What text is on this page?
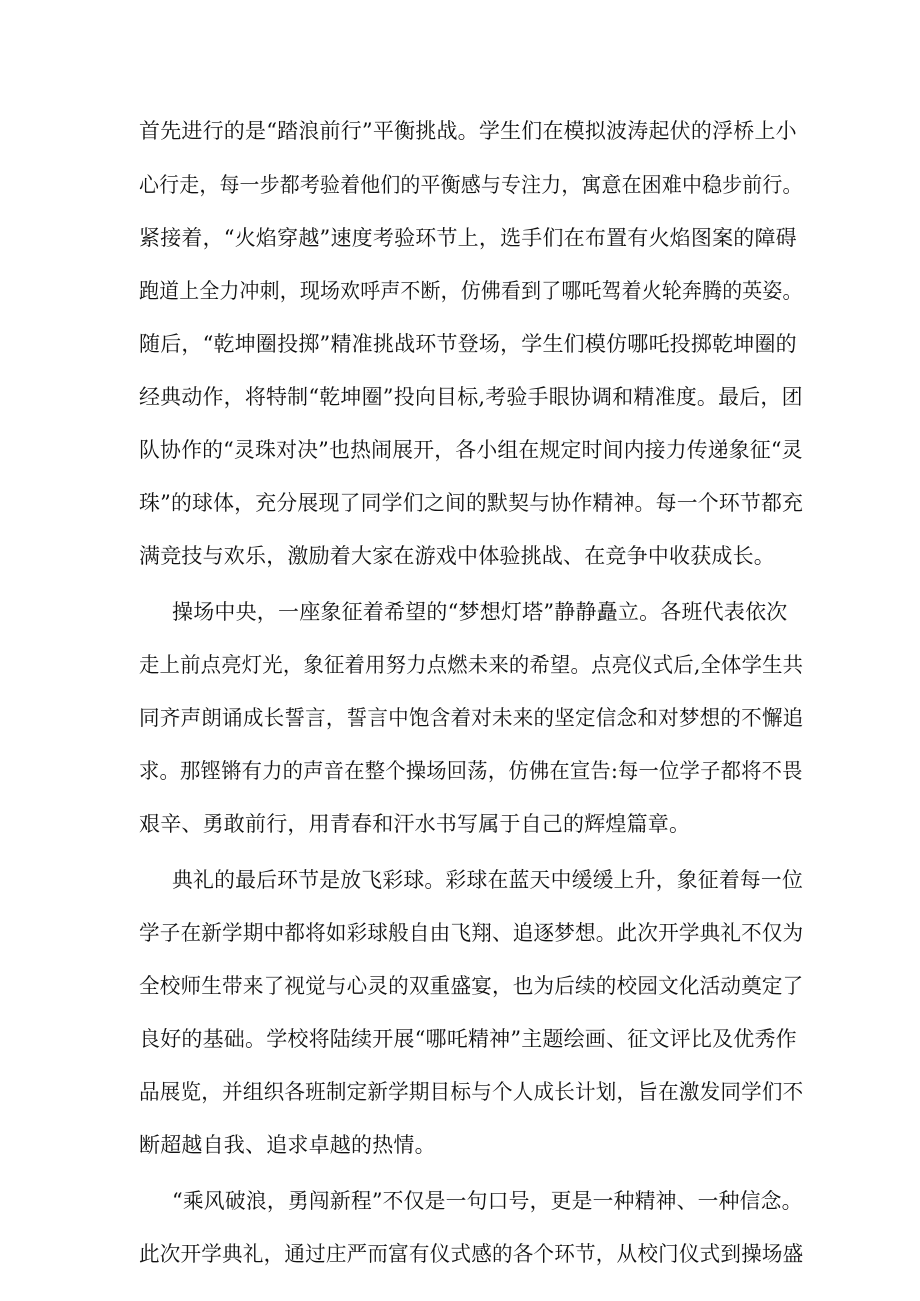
首先进行的是“踏浪前行”平衡挑战。学生们在模拟波涛起伏的浮桥上小
心行走，每一步都考验着他们的平衡感与专注力，寓意在困难中稳步前行。
紧接着，“火焰穿越”速度考验环节上，选手们在布置有火焰图案的障碍
跑道上全力冲刺，现场欢呼声不断，仿佛看到了哪吒驾着火轮奔腾的英姿。
随后，“乾坤圈投掷”精准挑战环节登场，学生们模仿哪吒投掷乾坤圈的
经典动作，将特制“乾坤圈”投向目标,考验手眼协调和精准度。最后，团
队协作的“灵珠对决”也热闹展开，各小组在规定时间内接力传递象征“灵
珠”的球体，充分展现了同学们之间的默契与协作精神。每一个环节都充
满竞技与欢乐，激励着大家在游戏中体验挑战、在竞争中收获成长。
操场中央，一座象征着希望的“梦想灯塔”静静矗立。各班代表依次
走上前点亮灯光，象征着用努力点燃未来的希望。点亮仪式后,全体学生共
同齐声朗诵成长誓言，誓言中饱含着对未来的坚定信念和对梦想的不懈追
求。那铿锵有力的声音在整个操场回荡，仿佛在宣告:每一位学子都将不畏
艰辛、勇敢前行，用青春和汗水书写属于自己的辉煌篇章。
典礼的最后环节是放飞彩球。彩球在蓝天中缓缓上升，象征着每一位
学子在新学期中都将如彩球般自由飞翔、追逐梦想。此次开学典礼不仅为
全校师生带来了视觉与心灵的双重盛宴，也为后续的校园文化活动奠定了
良好的基础。学校将陆续开展“哪吒精神”主题绘画、征文评比及优秀作
品展览，并组织各班制定新学期目标与个人成长计划，旨在激发同学们不
断超越自我、追求卓越的热情。
“乘风破浪，勇闯新程”不仅是一句口号，更是一种精神、一种信念。
此次开学典礼，通过庄严而富有仪式感的各个环节，从校门仪式到操场盛
